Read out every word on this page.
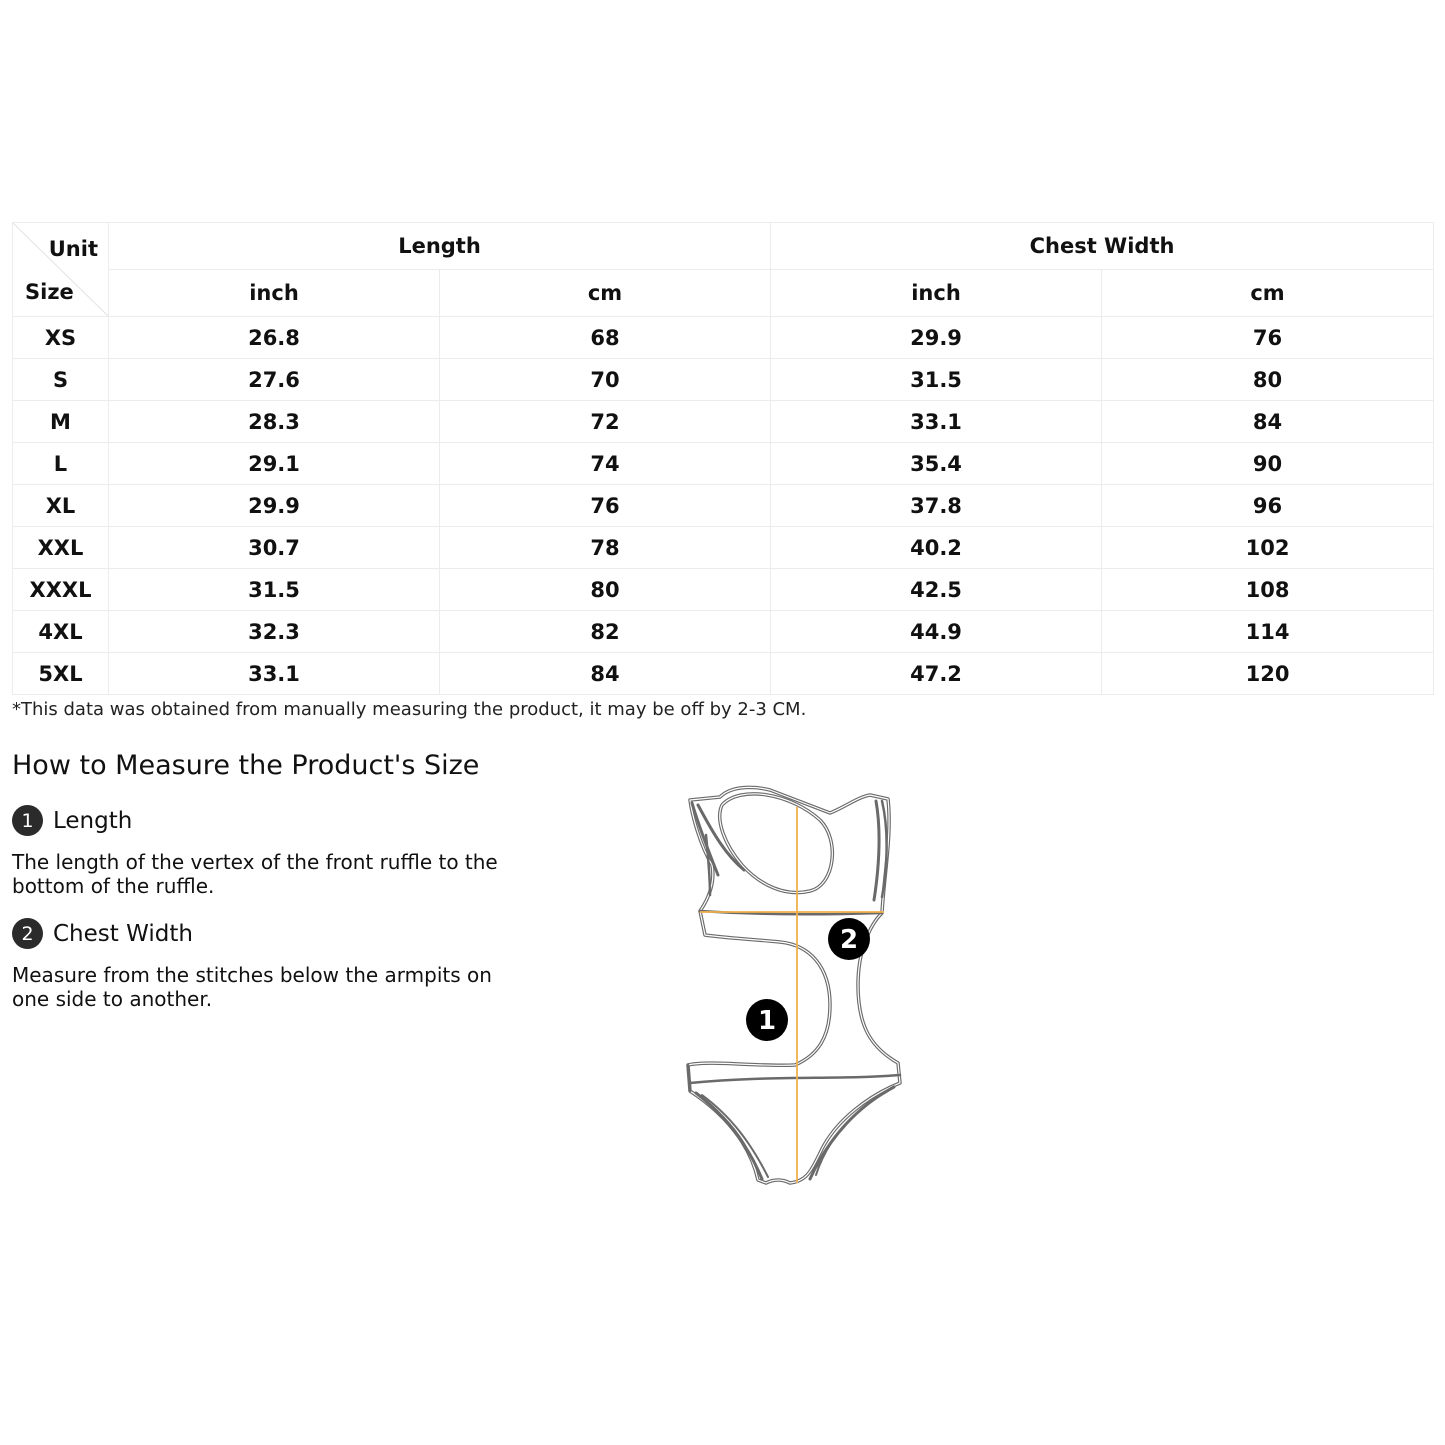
Unit
Size	Length		Chest Width	
	inch	cm	inch	cm
XS	26.8	68	29.9	76
S	27.6	70	31.5	80
M	28.3	72	33.1	84
L	29.1	74	35.4	90
XL	29.9	76	37.8	96
XXL	30.7	78	40.2	102
XXXL	31.5	80	42.5	108
4XL	32.3	82	44.9	114
5XL	33.1	84	47.2	120
*This data was obtained from manually measuring the product, it may be off by 2-3 CM.
How to Measure the Product's Size
1 Length
The length of the vertex of the front ruffle to the bottom of the ruffle.
2 Chest Width
Measure from the stitches below the armpits on one side to another.
1
2
